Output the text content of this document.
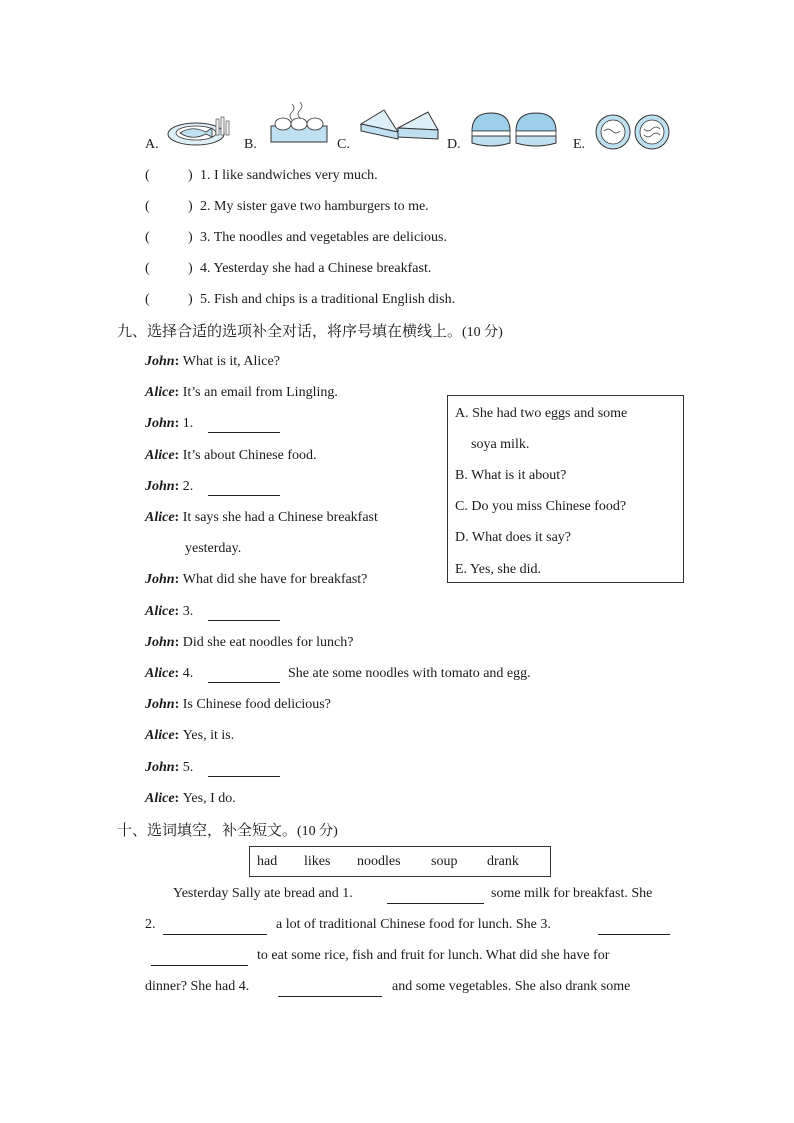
A.	B.	C.	D.	E.
(	) 1. I like sandwiches very much.
(	) 2. My sister gave two hamburgers to me.
(	) 3. The noodles and vegetables are delicious.
(	) 4. Yesterday she had a Chinese breakfast.
(	) 5. Fish and chips is a traditional English dish.
九、选择合适的选项补全对话，将序号填在横线上。(10 分)
John: What is it, Alice?
Alice: It’s an email from Lingling.
John: 1.
Alice: It’s about Chinese food.
John: 2.
Alice: It says she had a Chinese breakfast
yesterday.
John: What did she have for breakfast?
Alice: 3.
John: Did she eat noodles for lunch?
Alice: 4.	She ate some noodles with tomato and egg.
John: Is Chinese food delicious?
Alice: Yes, it is.
John: 5.
Alice: Yes, I do.
A. She had two eggs and some
soya milk.
B. What is it about?
C. Do you miss Chinese food?
D. What does it say?
E. Yes, she did.
十、选词填空，补全短文。(10 分)
had likes noodles soup drank
Yesterday Sally ate bread and 1.	some milk for breakfast. She
2.	a lot of traditional Chinese food for lunch. She 3.
to eat some rice, fish and fruit for lunch. What did she have for
dinner? She had 4.	and some vegetables. She also drank some
